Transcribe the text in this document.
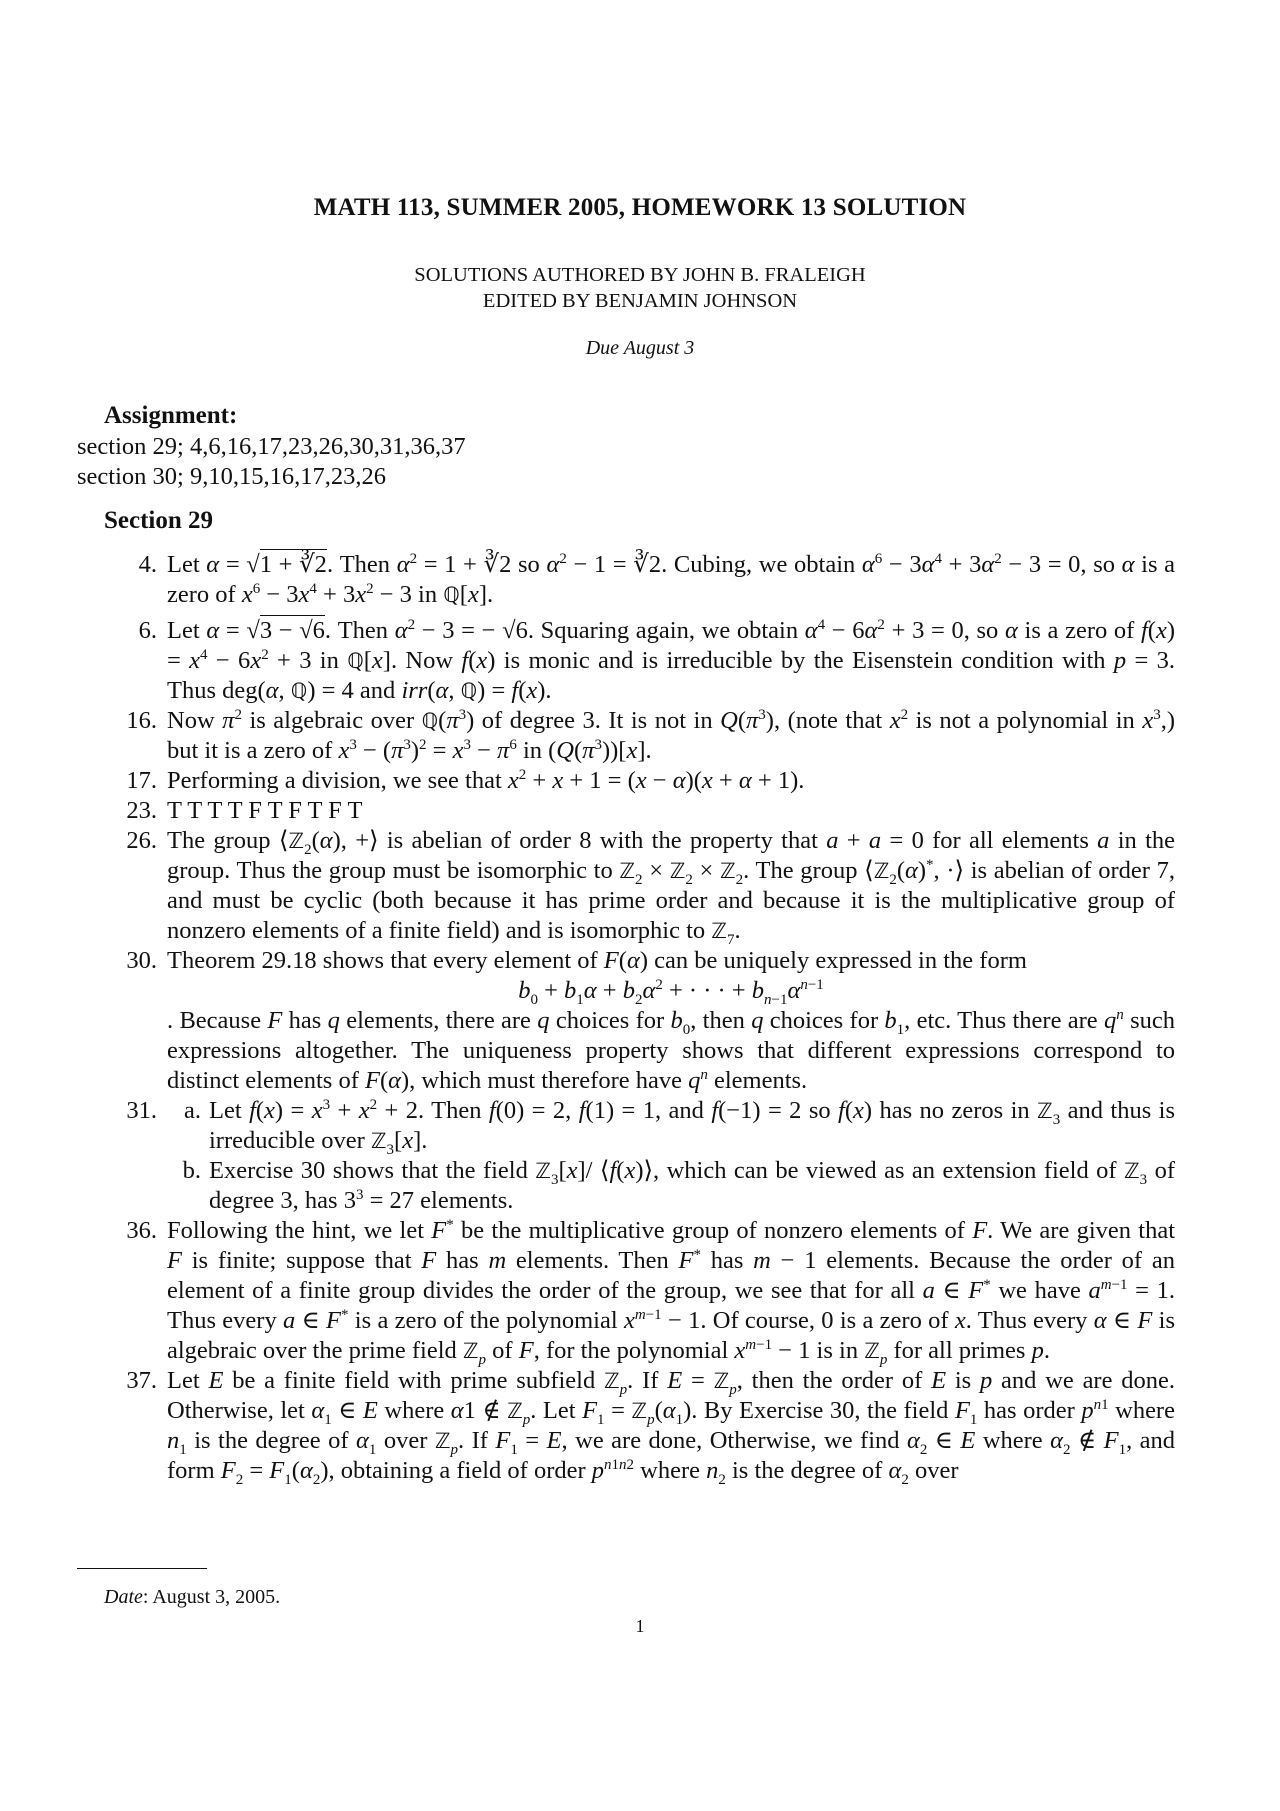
MATH 113, SUMMER 2005, HOMEWORK 13 SOLUTION
SOLUTIONS AUTHORED BY JOHN B. FRALEIGH
EDITED BY BENJAMIN JOHNSON
Due August 3
Assignment:
section 29; 4,6,16,17,23,26,30,31,36,37
section 30; 9,10,15,16,17,23,26
Section 29
4. Let α = √1 + ∛2. Then $\alpha^2 = 1$ + ∛2 so $\alpha^2 - 1$ = ∛2. Cubing, we obtain $\alpha^6 - 3\alpha^4 + 3\alpha^2 - 3 = 0$, so α is a zero of $x^6 - 3x^4 + 3x^2 - 3$ in ℚ[x].

6. Let α = √3 − √6. Then $\alpha^2 - 3$ = − √6. Squaring again, we obtain $\alpha^4 - 6\alpha^2 + 3 = 0$, so α is a zero of $f(x) = x^4 - 6x^2 + 3$ in ℚ[x]. Now f(x) is monic and is irreducible by the Eisenstein condition with p = 3. Thus deg(α, ℚ) = 4 and irr(α, ℚ) = f(x).

16. Now $\pi^2$ is algebraic over $ℚ(\pi^3)$ of degree 3. It is not in $Q(\pi^3)$, (note that $x^2$ is not a polynomial in $x^3$,) but it is a zero of $x^3 - (\pi^3)^2 = x^3 - \pi^6$ in $(Q(\pi^3))[x]$.

17. Performing a division, we see that $x^2 + x + 1 = (x - \alpha)(x + \alpha + 1)$.

23. T T T T F T F T F T
26. The group ⟨ℤ$_2$(α), +⟩ is abelian of order 8 with the property that a + a = 0 for all elements a in the group. Thus the group must be isomorphic to ℤ$_2$ × ℤ$_2$ × ℤ$_2$. The group ⟨ℤ$_2$(α)*, ·⟩ is abelian of order 7, and must be cyclic (both because it has prime order and because it is the multiplicative group of nonzero elements of a finite field) and is isomorphic to ℤ$_7$.

30. Theorem 29.18 shows that every element of F(α) can be uniquely expressed in the form

$b_0 + b_1\alpha + b_2\alpha^2$ + · · · + $b_{n-1}\alpha^{n-1}$

. Because F has q elements, there are q choices for $b_0$, then q choices for $b_1$, etc. Thus there are $q^n$ such expressions altogether. The uniqueness property shows that different expressions correspond to distinct elements of F(α), which must therefore have $q^n$ elements.

31.	a. Let $f(x) = x^3 + x^2 + 2$. Then f(0) = 2, f(1) = 1, and f(−1) = 2 so f(x) has no zeros in ℤ$_3$ and thus is irreducible over ℤ$_3$[x].
b. Exercise 30 shows that the field ℤ$_3$[x]/ ⟨f(x)⟩, which can be viewed as an extension field of ℤ$_3$ of degree 3, has $3^3 = 27$ elements.
36. Following the hint, we let F* be the multiplicative group of nonzero elements of F. We are given that F is finite; suppose that F has m elements. Then F* has m − 1 elements. Because the order of an element of a finite group divides the order of the group, we see that for all a ∈ F* we have $a^{m-1} = 1$. Thus every a ∈ F* is a zero of the polynomial $x^{m-1} - 1$. Of course, 0 is a zero of x. Thus every α ∈ F is algebraic over the prime field ℤ$_p$ of F, for the polynomial $x^{m-1} - 1$ is in ℤ$_p$ for all primes p.

37. Let E be a finite field with prime subfield ℤ$_p$. If E = ℤ$_p$, then the order of E is p and we are done. Otherwise, let $\alpha_1$ ∈ E where α1 ∉ ℤ$_p$. Let $F_1$ = $ℤ_p(\alpha_1)$. By Exercise 30, the field $F_1$ has order $p^{n1}$ where $n_1$ is the degree of $\alpha_1$ over ℤ$_p$. If $F_1 = E$, we are done, Otherwise, we find $\alpha_2$ ∈ E where $\alpha_2$ ∉ $F_1$, and form $F_2 = F_1(\alpha_2)$, obtaining a field of order $p^{n1n2}$ where $n_2$ is the degree of $\alpha_2$ over

Date: August 3, 2005.
1
